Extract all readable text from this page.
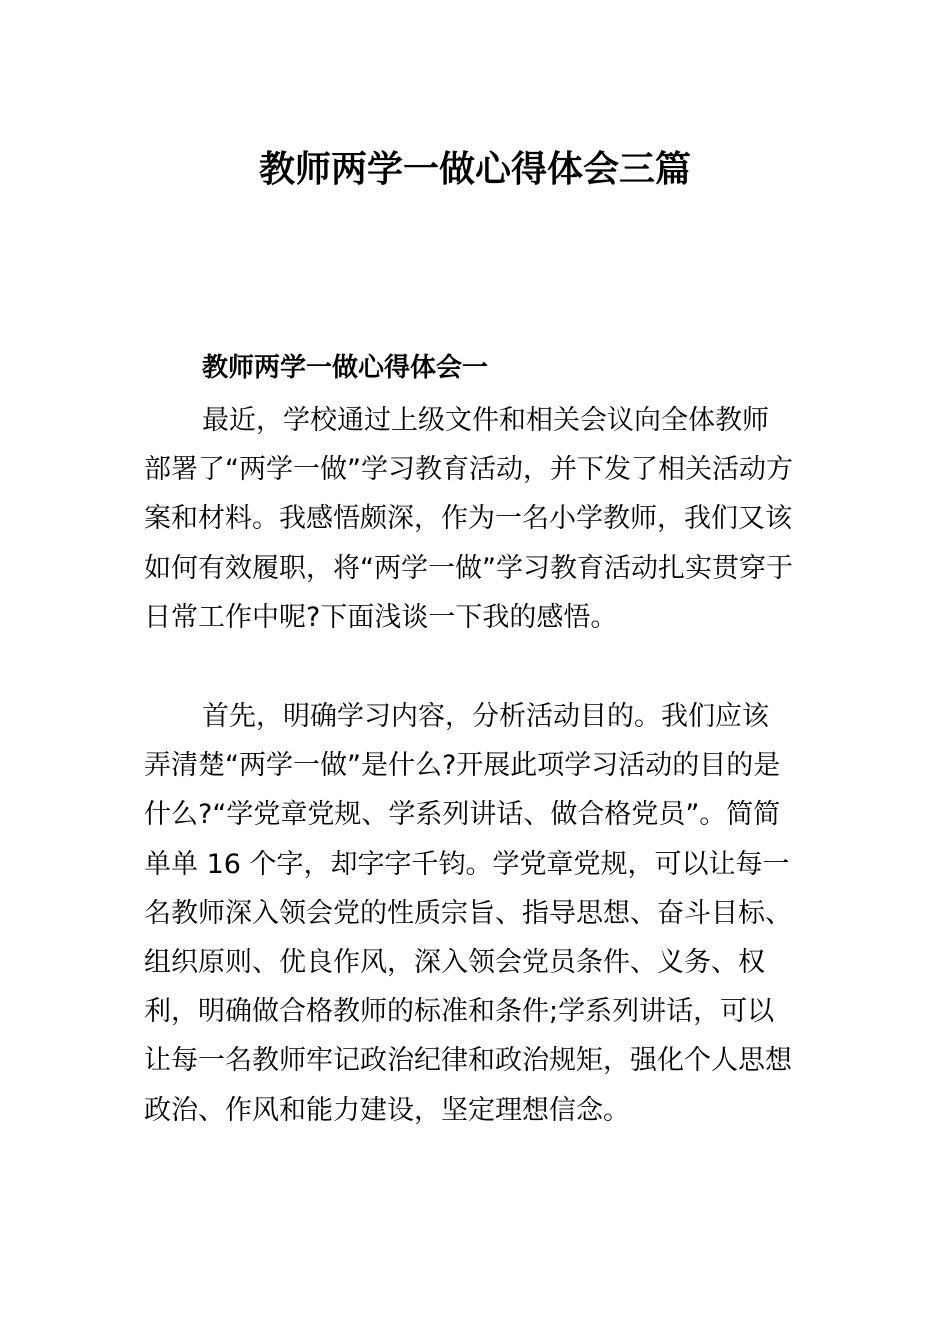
教师两学一做心得体会三篇
教师两学一做心得体会一

最近，学校通过上级文件和相关会议向全体教师部署了“两学一做”学习教育活动，并下发了相关活动方案和材料。我感悟颇深，作为一名小学教师，我们又该如何有效履职，将“两学一做”学习教育活动扎实贯穿于日常工作中呢?下面浅谈一下我的感悟。

首先，明确学习内容，分析活动目的。我们应该弄清楚“两学一做”是什么?开展此项学习活动的目的是什么?“学党章党规、学系列讲话、做合格党员”。简简单单 16 个字，却字字千钧。学党章党规，可以让每一名教师深入领会党的性质宗旨、指导思想、奋斗目标、组织原则、优良作风，深入领会党员条件、义务、权利，明确做合格教师的标准和条件;学系列讲话，可以让每一名教师牢记政治纪律和政治规矩，强化个人思想政治、作风和能力建设，坚定理想信念。
